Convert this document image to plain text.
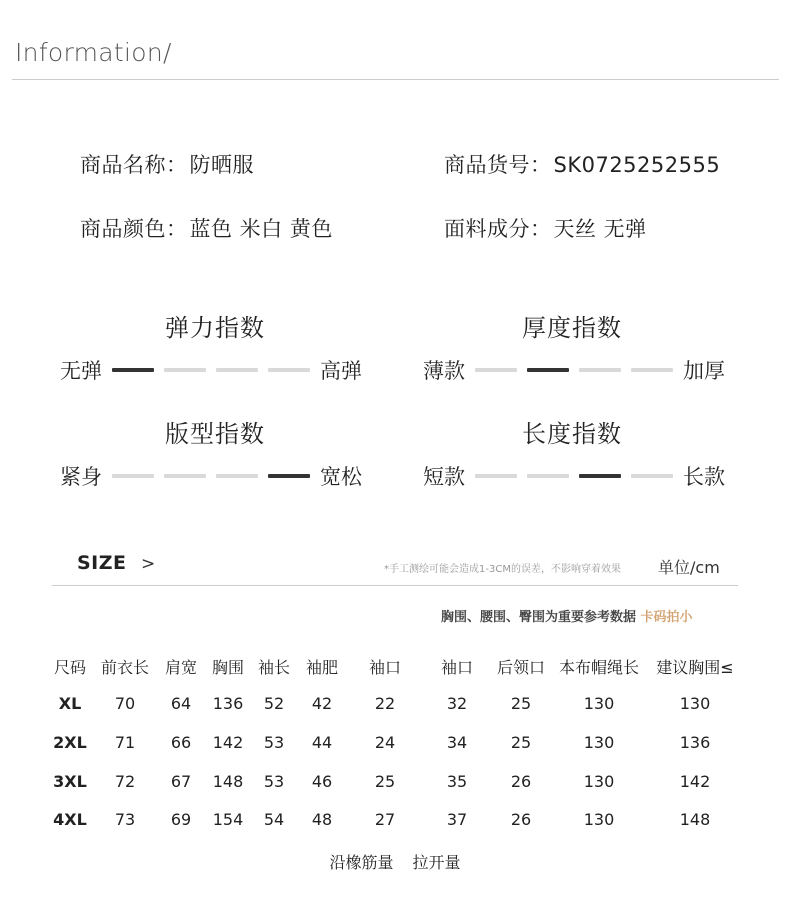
Information/
商品名称：防晒服	商品货号：SK0725252555
商品颜色：蓝色 米白 黄色	面料成分：天丝 无弹
弹力指数
无弹	高弹
厚度指数
薄款	加厚
版型指数
紧身	宽松
长度指数
短款	长款
SIZE >	*手工测绘可能会造成1-3CM的误差，不影响穿着效果 单位/cm
胸围、腰围、臀围为重要参考数据 卡码拍小
尺码 前衣长 肩宽 胸围 袖长 袖肥 袖口 袖口 后领口 本布帽绳长 建议胸围≤
XL 70 64 136 52 42	22	32	25	130	130
2XL 71 66 142 53 44	24	34	25	130	136
3XL 72 67 148 53 46	25	35	26	130	142
4XL 73 69 154 54 48	27	37	26	130	148
沿橡筋量 拉开量
